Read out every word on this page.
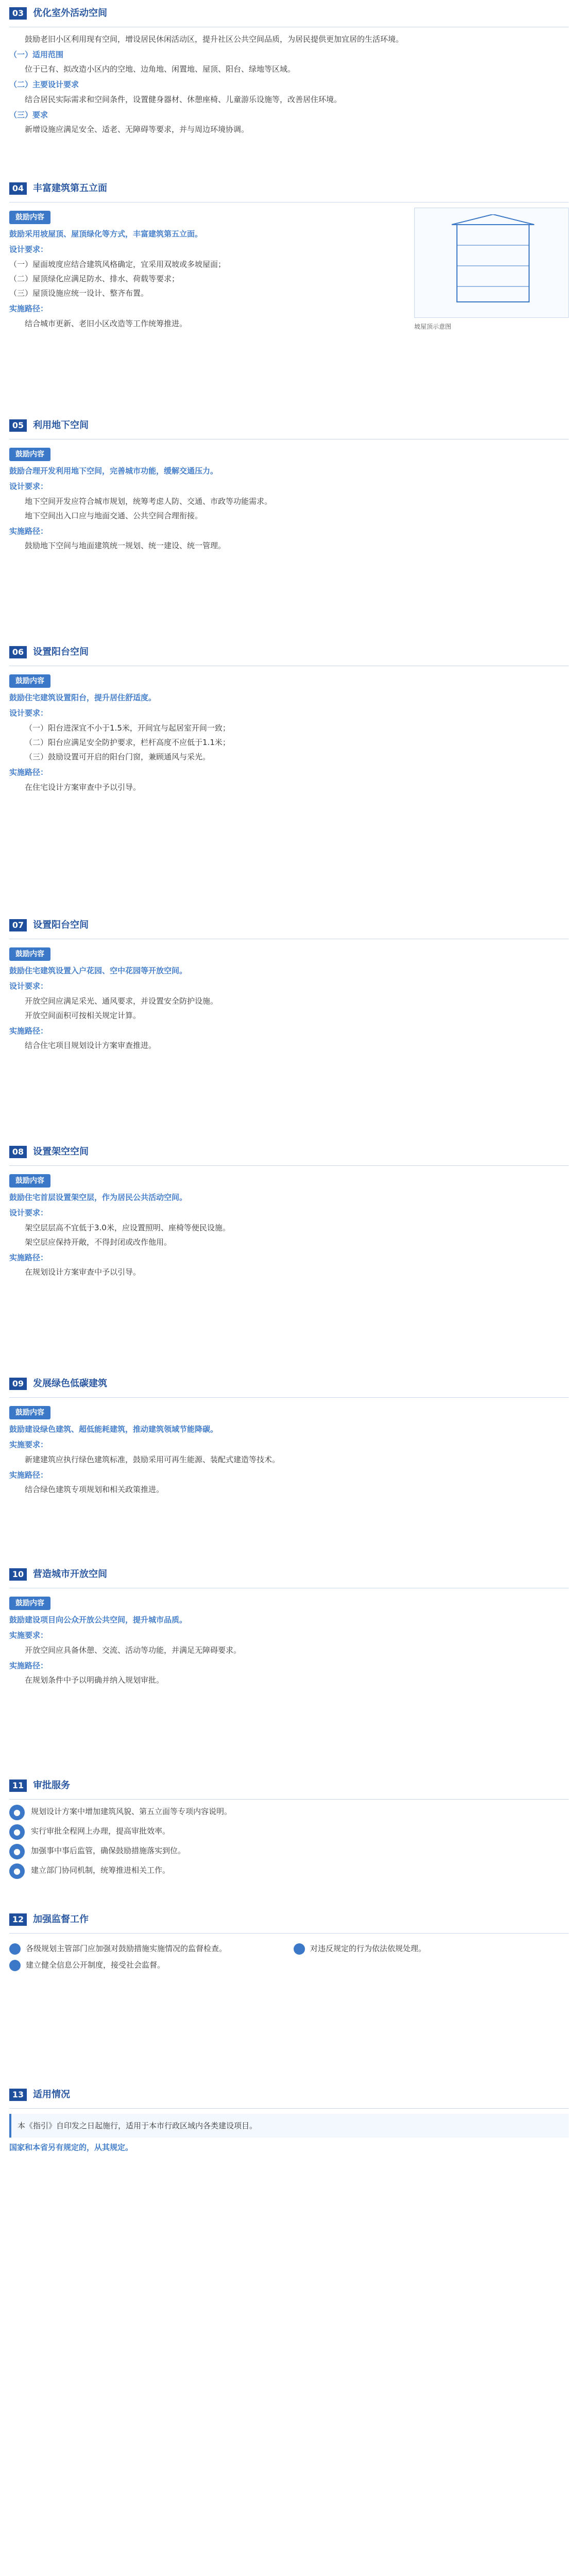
03 优化室外活动空间

鼓励老旧小区利用现有空间，增设居民休闲活动区，提升社区公共空间品质，为居民提供更加宜居的生活环境。

（一）适用范围

位于已有、拟改造小区内的空地、边角地、闲置地、屋顶、阳台、绿地等区域。

（二）主要设计要求

结合居民实际需求和空间条件，设置健身器材、休憩座椅、儿童游乐设施等，改善居住环境。

（三）要求

新增设施应满足安全、适老、无障碍等要求，并与周边环境协调。

04 丰富建筑第五立面
鼓励内容

鼓励采用坡屋顶、屋顶绿化等方式，丰富建筑第五立面。

设计要求：

（一）屋面坡度应结合建筑风格确定，宜采用双坡或多坡屋面；

（二）屋顶绿化应满足防水、排水、荷载等要求；

（三）屋顶设施应统一设计、整齐布置。

实施路径：

结合城市更新、老旧小区改造等工作统筹推进。	坡屋顶示意图
05 利用地下空间
鼓励内容

鼓励合理开发利用地下空间，完善城市功能，缓解交通压力。

设计要求：

地下空间开发应符合城市规划，统筹考虑人防、交通、市政等功能需求。

地下空间出入口应与地面交通、公共空间合理衔接。

实施路径：

鼓励地下空间与地面建筑统一规划、统一建设、统一管理。

06 设置阳台空间
鼓励内容

鼓励住宅建筑设置阳台，提升居住舒适度。

设计要求：

（一）阳台进深宜不小于1.5米，开间宜与起居室开间一致；

（二）阳台应满足安全防护要求，栏杆高度不应低于1.1米；

（三）鼓励设置可开启的阳台门窗，兼顾通风与采光。

实施路径：

在住宅设计方案审查中予以引导。

07 设置阳台空间
鼓励内容

鼓励住宅建筑设置入户花园、空中花园等开放空间。

设计要求：

开放空间应满足采光、通风要求，并设置安全防护设施。

开放空间面积可按相关规定计算。

实施路径：

结合住宅项目规划设计方案审查推进。

08 设置架空空间
鼓励内容

鼓励住宅首层设置架空层，作为居民公共活动空间。

设计要求：

架空层层高不宜低于3.0米，应设置照明、座椅等便民设施。

架空层应保持开敞，不得封闭或改作他用。

实施路径：

在规划设计方案审查中予以引导。

09 发展绿色低碳建筑
鼓励内容

鼓励建设绿色建筑、超低能耗建筑，推动建筑领域节能降碳。

实施要求：

新建建筑应执行绿色建筑标准，鼓励采用可再生能源、装配式建造等技术。

实施路径：

结合绿色建筑专项规划和相关政策推进。

10 营造城市开放空间
鼓励内容

鼓励建设项目向公众开放公共空间，提升城市品质。

实施要求：

开放空间应具备休憩、交流、活动等功能，并满足无障碍要求。

实施路径：

在规划条件中予以明确并纳入规划审批。

11 审批服务
●	规划设计方案中增加建筑风貌、第五立面等专项内容说明。
●	实行审批全程网上办理，提高审批效率。
●	加强事中事后监管，确保鼓励措施落实到位。
●	建立部门协同机制，统筹推进相关工作。
12 加强监督工作
各级规划主管部门应加强对鼓励措施实施情况的监督检查。
建立健全信息公开制度，接受社会监督。
对违反规定的行为依法依规处理。
13 适用情况

本《指引》自印发之日起施行，适用于本市行政区域内各类建设项目。

国家和本省另有规定的，从其规定。
